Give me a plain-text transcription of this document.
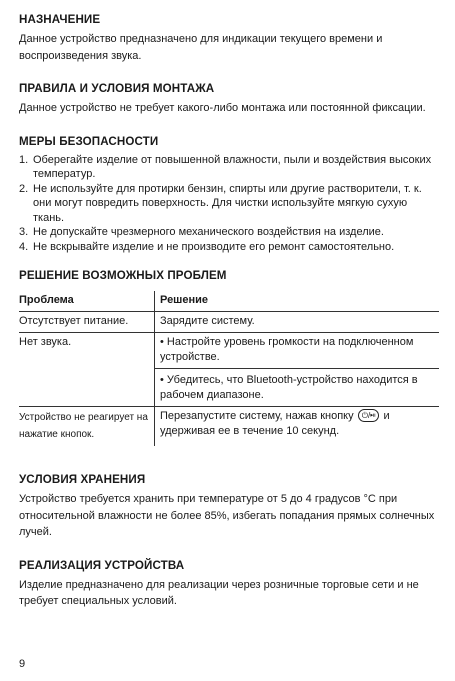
НАЗНАЧЕНИЕ

Данное устройство предназначено для индикации текущего времени и воспроизведения звука.

ПРАВИЛА И УСЛОВИЯ МОНТАЖА

Данное устройство не требует какого-либо монтажа или постоянной фиксации.

МЕРЫ БЕЗОПАСНОСТИ
1. Оберегайте изделие от повышенной влажности, пыли и воздействия высоких температур.
2. Не используйте для протирки бензин, спирты или другие растворители, т. к. они могут повредить поверхность. Для чистки используйте мягкую сухую ткань.
3. Не допускайте чрезмерного механического воздействия на изделие.
4. Не вскрывайте изделие и не производите его ремонт самостоятельно.
РЕШЕНИЕ ВОЗМОЖНЫХ ПРОБЛЕМ
Проблема	Решение
Отсутствует питание.	Зарядите систему.

Нет звука.	• Настройте уровень громкости на подключенном устройстве.
• Убедитесь, что Bluetooth-устройство находится в рабочем диапазоне.

Устройство не реагирует на нажатие кнопок.	Перезапустите систему, нажав кнопку ⏻/⏯ и удерживая ее в течение 10 секунд.
УСЛОВИЯ ХРАНЕНИЯ

Устройство требуется хранить при температуре от 5 до 4 градусов °С при относительной влажности не более 85%, избегать попадания прямых солнечных лучей.

РЕАЛИЗАЦИЯ УСТРОЙСТВА

Изделие предназначено для реализации через розничные торговые сети и не требует специальных условий.

9
